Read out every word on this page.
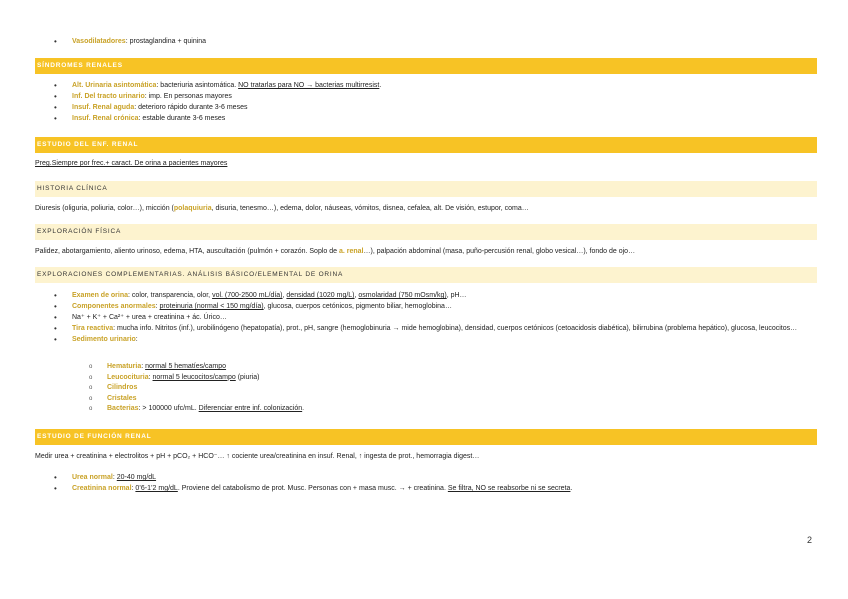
• Vasodilatadores: prostaglandina + quinina
SÍNDROMES RENALES
• Alt. Urinaria asintomática: bacteriuria asintomática. NO tratarlas para NO → bacterias multirresist.
• Inf. Del tracto urinario: imp. En personas mayores
• Insuf. Renal aguda: deterioro rápido durante 3-6 meses
• Insuf. Renal crónica: estable durante 3-6 meses
ESTUDIO DEL ENF. RENAL
Preg.Siempre por frec.+ caract. De orina a pacientes mayores
HISTORIA CLÍNICA
Diuresis (oliguria, poliuria, color…), micción (polaquiuria, disuria, tenesmo…), edema, dolor, náuseas, vómitos, disnea, cefalea, alt. De visión, estupor, coma…
EXPLORACIÓN FÍSICA
Palidez, abotargamiento, aliento urinoso, edema, HTA, auscultación (pulmón + corazón. Soplo de a. renal…), palpación abdominal (masa, puño-percusión renal, globo vesical…), fondo de ojo…
EXPLORACIONES COMPLEMENTARIAS. ANÁLISIS BÁSICO/ELEMENTAL DE ORINA
• Examen de orina: color, transparencia, olor, vol. (700-2500 mL/día), densidad (1020 mg/L), osmolaridad (750 mOsm/kg), pH…
• Componentes anormales: proteinuria (normal < 150 mg/día), glucosa, cuerpos cetónicos, pigmento biliar, hemoglobina…
• Na⁺ + K⁺ + Ca²⁺ + urea + creatinina + ác. Úrico…
• Tira reactiva: mucha info. Nitritos (inf.), urobilinógeno (hepatopatía), prot., pH, sangre (hemoglobinuria → mide hemoglobina), densidad, cuerpos cetónicos (cetoacidosis diabética), bilirrubina (problema hepático), glucosa, leucocitos…
• Sedimento urinario:
o Hematuria: normal 5 hematíes/campo
o Leucocituria: normal 5 leucocitos/campo (piuria)
o Cilindros
o Cristales
o Bacterias: > 100000 ufc/mL. Diferenciar entre inf. colonización.
ESTUDIO DE FUNCIÓN RENAL
Medir urea + creatinina + electrolitos + pH + pCO₂ + HCO⁻… ↑ cociente urea/creatinina en insuf. Renal, ↑ ingesta de prot., hemorragia digest…
• Urea normal: 20-40 mg/dL
• Creatinina normal: 0’6-1’2 mg/dL. Proviene del catabolismo de prot. Musc. Personas con + masa musc. → + creatinina. Se filtra, NO se reabsorbe ni se secreta.
2
